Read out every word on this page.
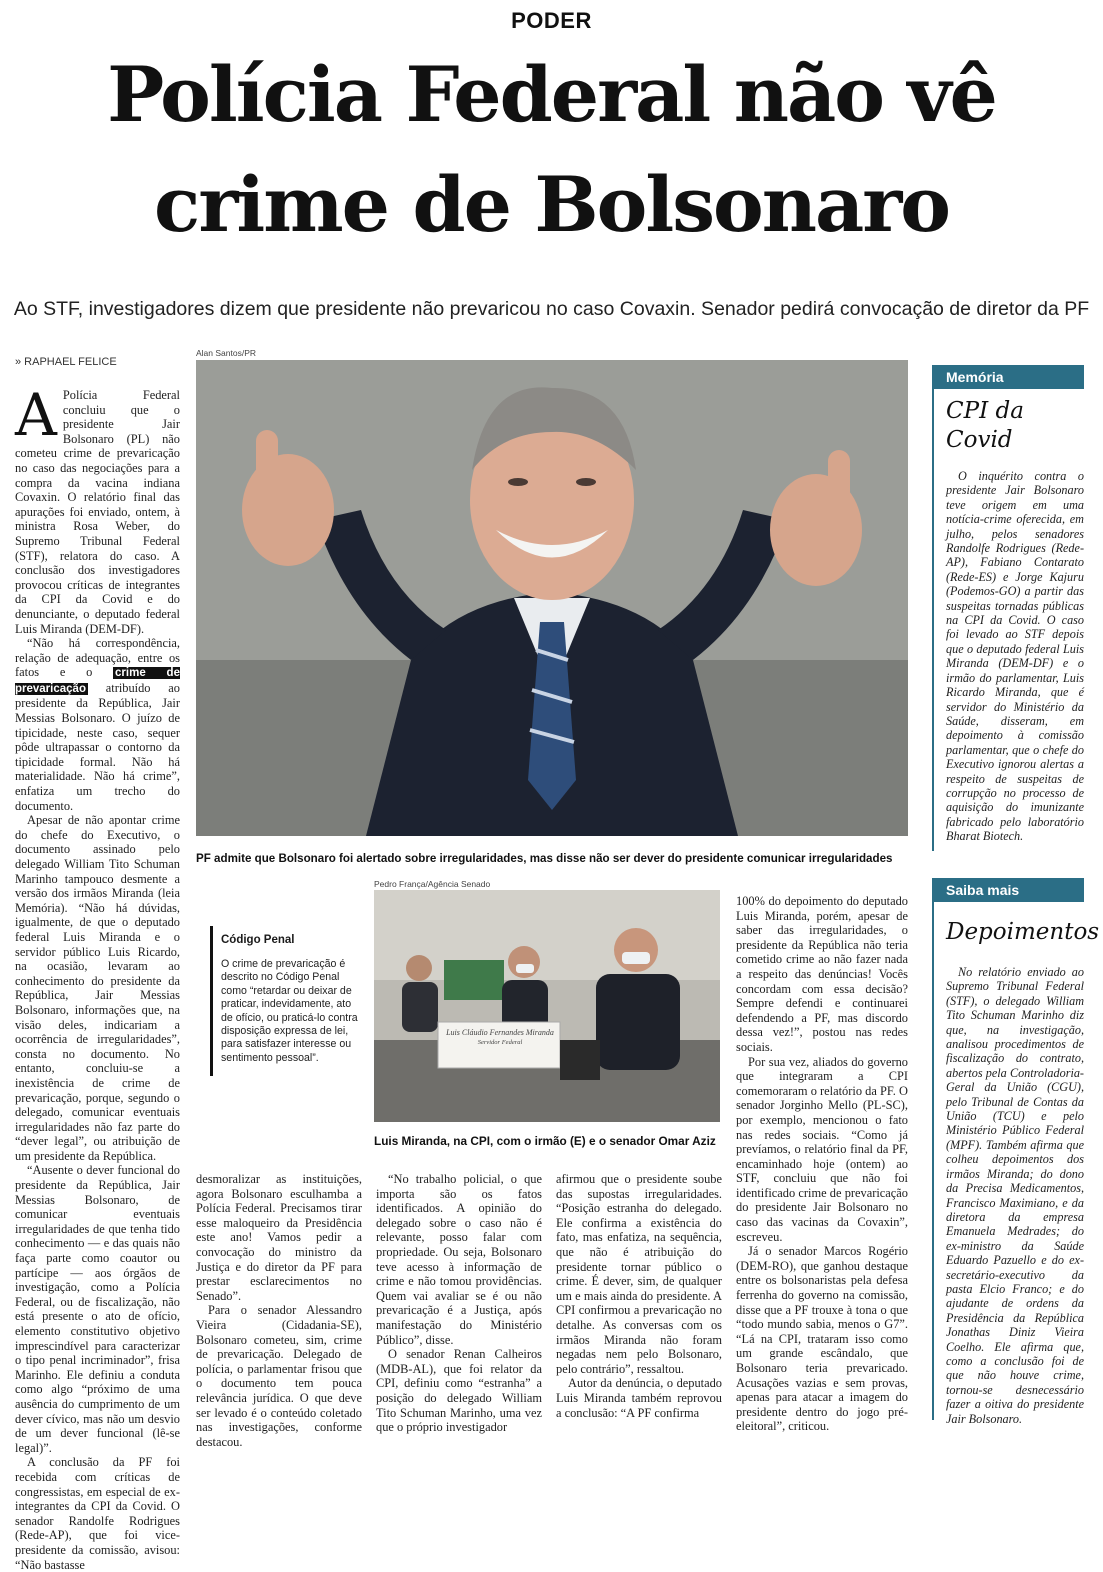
PODER
Polícia Federal não vê
crime de Bolsonaro
Ao STF, investigadores dizem que presidente não prevaricou no caso Covaxin. Senador pedirá convocação de diretor da PF
» RAPHAEL FELICE

A Polícia Federal concluiu que o presidente Jair Bolsonaro (PL) não cometeu crime de prevaricação no caso das negociações para a compra da vacina indiana Covaxin. O relatório final das apurações foi enviado, ontem, à ministra Rosa Weber, do Supremo Tribunal Federal (STF), relatora do caso. A conclusão dos investigadores provocou críticas de integrantes da CPI da Covid e do denunciante, o deputado federal Luis Miranda (DEM-DF).

“Não há correspondência, relação de adequação, entre os fatos e o crime de prevaricação atribuído ao presidente da República, Jair Messias Bolsonaro. O juízo de tipicidade, neste caso, sequer pôde ultrapassar o contorno da tipicidade formal. Não há materialidade. Não há crime”, enfatiza um trecho do documento.

Apesar de não apontar crime do chefe do Executivo, o documento assinado pelo delegado William Tito Schuman Marinho tampouco desmente a versão dos irmãos Miranda (leia Memória). “Não há dúvidas, igualmente, de que o deputado federal Luis Miranda e o servidor público Luis Ricardo, na ocasião, levaram ao conhecimento do presidente da República, Jair Messias Bolsonaro, informações que, na visão deles, indicariam a ocorrência de irregularidades”, consta no documento. No entanto, concluiu-se a inexistência de crime de prevaricação, porque, segundo o delegado, comunicar eventuais irregularidades não faz parte do “dever legal”, ou atribuição de um presidente da República.

“Ausente o dever funcional do presidente da República, Jair Messias Bolsonaro, de comunicar eventuais irregularidades de que tenha tido conhecimento — e das quais não faça parte como coautor ou partícipe — aos órgãos de investigação, como a Polícia Federal, ou de fiscalização, não está presente o ato de ofício, elemento constitutivo objetivo imprescindível para caracterizar o tipo penal incriminador”, frisa Marinho. Ele definiu a conduta como algo “próximo de uma ausência do cumprimento de um dever cívico, mas não um desvio de um dever funcional (lê-se legal)”.

A conclusão da PF foi recebida com críticas de congressistas, em especial de ex-integrantes da CPI da Covid. O senador Randolfe Rodrigues (Rede-AP), que foi vice-presidente da comissão, avisou: “Não bastasse

Alan Santos/PR
PF admite que Bolsonaro foi alertado sobre irregularidades, mas disse não ser dever do presidente comunicar irregularidades
Pedro França/Agência Senado
Luis Cláudio Fernandes Miranda
Servidor Federal
Luis Miranda, na CPI, com o irmão (E) e o senador Omar Aziz
Código Penal
O crime de prevaricação é descrito no Código Penal como “retardar ou deixar de praticar, indevidamente, ato de ofício, ou praticá-lo contra disposição expressa de lei, para satisfazer interesse ou sentimento pessoal”.

desmoralizar as instituições, agora Bolsonaro esculhamba a Polícia Federal. Precisamos tirar esse maloqueiro da Presidência este ano! Vamos pedir a convocação do ministro da Justiça e do diretor da PF para prestar esclarecimentos no Senado”.

Para o senador Alessandro Vieira (Cidadania-SE), Bolsonaro cometeu, sim, crime de prevaricação. Delegado de polícia, o parlamentar frisou que o documento tem pouca relevância jurídica. O que deve ser levado é o conteúdo coletado nas investigações, conforme destacou.

“No trabalho policial, o que importa são os fatos identificados. A opinião do delegado sobre o caso não é relevante, posso falar com propriedade. Ou seja, Bolsonaro teve acesso à informação de crime e não tomou providências. Quem vai avaliar se é ou não prevaricação é a Justiça, após manifestação do Ministério Público”, disse.

O senador Renan Calheiros (MDB-AL), que foi relator da CPI, definiu como “estranha” a posição do delegado William Tito Schuman Marinho, uma vez que o próprio investigador

afirmou que o presidente soube das supostas irregularidades. “Posição estranha do delegado. Ele confirma a existência do fato, mas enfatiza, na sequência, que não é atribuição do presidente tornar público o crime. É dever, sim, de qualquer um e mais ainda do presidente. A CPI confirmou a prevaricação no detalhe. As conversas com os irmãos Miranda não foram negadas nem pelo Bolsonaro, pelo contrário”, ressaltou.

Autor da denúncia, o deputado Luis Miranda também reprovou a conclusão: “A PF confirma

100% do depoimento do deputado Luis Miranda, porém, apesar de saber das irregularidades, o presidente da República não teria cometido crime ao não fazer nada a respeito das denúncias! Vocês concordam com essa decisão? Sempre defendi e continuarei defendendo a PF, mas discordo dessa vez!”, postou nas redes sociais.

Por sua vez, aliados do governo que integraram a CPI comemoraram o relatório da PF. O senador Jorginho Mello (PL-SC), por exemplo, mencionou o fato nas redes sociais. “Como já prevíamos, o relatório final da PF, encaminhado hoje (ontem) ao STF, concluiu que não foi identificado crime de prevaricação do presidente Jair Bolsonaro no caso das vacinas da Covaxin”, escreveu.

Já o senador Marcos Rogério (DEM-RO), que ganhou destaque entre os bolsonaristas pela defesa ferrenha do governo na comissão, disse que a PF trouxe à tona o que “todo mundo sabia, menos o G7”. “Lá na CPI, trataram isso como um grande escândalo, que Bolsonaro teria prevaricado. Acusações vazias e sem provas, apenas para atacar a imagem do presidente dentro do jogo pré-eleitoral”, criticou.

Memória
CPI da Covid
O inquérito contra o presidente Jair Bolsonaro teve origem em uma notícia-crime oferecida, em julho, pelos senadores Randolfe Rodrigues (Rede-AP), Fabiano Contarato (Rede-ES) e Jorge Kajuru (Podemos-GO) a partir das suspeitas tornadas públicas na CPI da Covid. O caso foi levado ao STF depois que o deputado federal Luis Miranda (DEM-DF) e o irmão do parlamentar, Luis Ricardo Miranda, que é servidor do Ministério da Saúde, disseram, em depoimento à comissão parlamentar, que o chefe do Executivo ignorou alertas a respeito de suspeitas de corrupção no processo de aquisição do imunizante fabricado pelo laboratório Bharat Biotech.
Saiba mais
Depoimentos
No relatório enviado ao Supremo Tribunal Federal (STF), o delegado William Tito Schuman Marinho diz que, na investigação, analisou procedimentos de fiscalização do contrato, abertos pela Controladoria-Geral da União (CGU), pelo Tribunal de Contas da União (TCU) e pelo Ministério Público Federal (MPF). Também afirma que colheu depoimentos dos irmãos Miranda; do dono da Precisa Medicamentos, Francisco Maximiano, e da diretora da empresa Emanuela Medrades; do ex-ministro da Saúde Eduardo Pazuello e do ex-secretário-executivo da pasta Elcio Franco; e do ajudante de ordens da Presidência da República Jonathas Diniz Vieira Coelho. Ele afirma que, como a conclusão foi de que não houve crime, tornou-se desnecessário fazer a oitiva do presidente Jair Bolsonaro.
